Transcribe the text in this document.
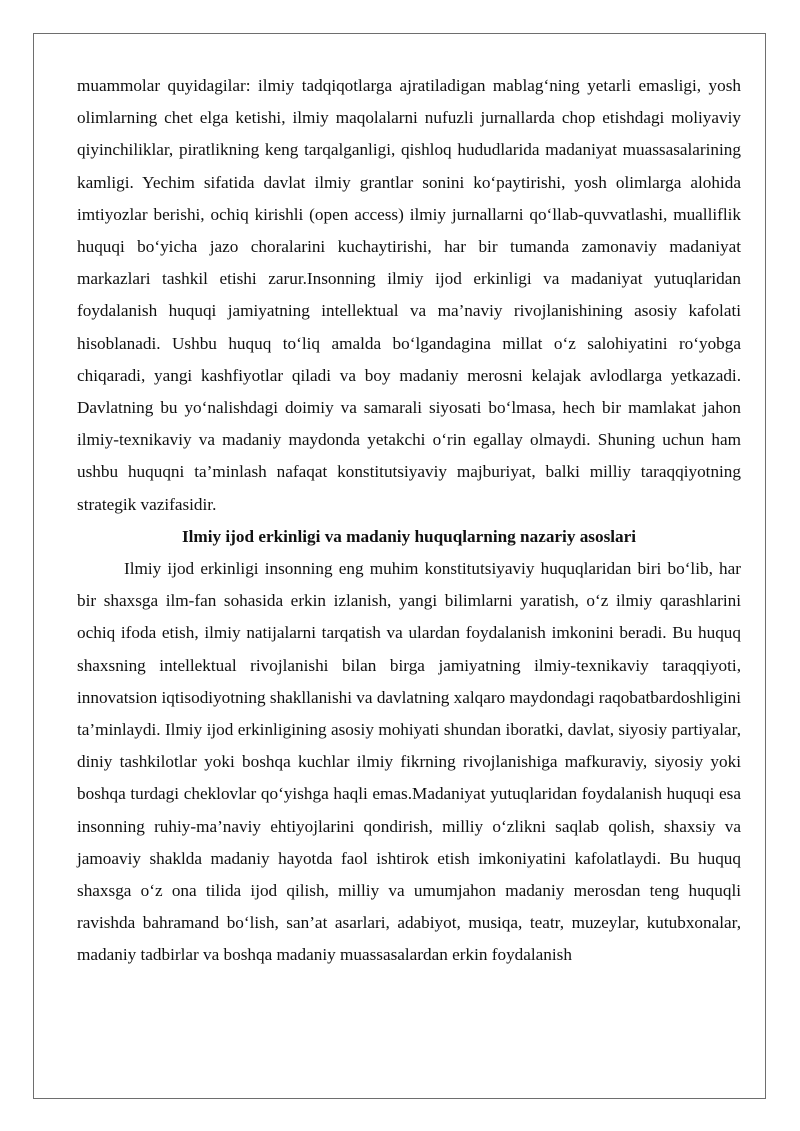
muammolar quyidagilar: ilmiy tadqiqotlarga ajratiladigan mablag‘ning yetarli emasligi, yosh olimlarning chet elga ketishi, ilmiy maqolalarni nufuzli jurnallarda chop etishdagi moliyaviy qiyinchiliklar, piratlikning keng tarqalganligi, qishloq hududlarida madaniyat muassasalarining kamligi. Yechim sifatida davlat ilmiy grantlar sonini ko‘paytirishi, yosh olimlarga alohida imtiyozlar berishi, ochiq kirishli (open access) ilmiy jurnallarni qo‘llab-quvvatlashi, mualliflik huquqi bo‘yicha jazo choralarini kuchaytirishi, har bir tumanda zamonaviy madaniyat markazlari tashkil etishi zarur.Insonning ilmiy ijod erkinligi va madaniyat yutuqlaridan foydalanish huquqi jamiyatning intellektual va ma’naviy rivojlanishining asosiy kafolati hisoblanadi. Ushbu huquq to‘liq amalda bo‘lgandagina millat o‘z salohiyatini ro‘yobga chiqaradi, yangi kashfiyotlar qiladi va boy madaniy merosni kelajak avlodlarga yetkazadi. Davlatning bu yo‘nalishdagi doimiy va samarali siyosati bo‘lmasa, hech bir mamlakat jahon ilmiy-texnikaviy va madaniy maydonda yetakchi o‘rin egallay olmaydi. Shuning uchun ham ushbu huquqni ta’minlash nafaqat konstitutsiyaviy majburiyat, balki milliy taraqqiyotning strategik vazifasidir.

Ilmiy ijod erkinligi va madaniy huquqlarning nazariy asoslari

Ilmiy ijod erkinligi insonning eng muhim konstitutsiyaviy huquqlaridan biri bo‘lib, har bir shaxsga ilm-fan sohasida erkin izlanish, yangi bilimlarni yaratish, o‘z ilmiy qarashlarini ochiq ifoda etish, ilmiy natijalarni tarqatish va ulardan foydalanish imkonini beradi. Bu huquq shaxsning intellektual rivojlanishi bilan birga jamiyatning ilmiy-texnikaviy taraqqiyoti, innovatsion iqtisodiyotning shakllanishi va davlatning xalqaro maydondagi raqobatbardoshligini ta’minlaydi. Ilmiy ijod erkinligining asosiy mohiyati shundan iboratki, davlat, siyosiy partiyalar, diniy tashkilotlar yoki boshqa kuchlar ilmiy fikrning rivojlanishiga mafkuraviy, siyosiy yoki boshqa turdagi cheklovlar qo‘yishga haqli emas.Madaniyat yutuqlaridan foydalanish huquqi esa insonning ruhiy-ma’naviy ehtiyojlarini qondirish, milliy o‘zlikni saqlab qolish, shaxsiy va jamoaviy shaklda madaniy hayotda faol ishtirok etish imkoniyatini kafolatlaydi. Bu huquq shaxsga o‘z ona tilida ijod qilish, milliy va umumjahon madaniy merosdan teng huquqli ravishda bahramand bo‘lish, san’at asarlari, adabiyot, musiqa, teatr, muzeylar, kutubxonalar, madaniy tadbirlar va boshqa madaniy muassasalardan erkin foydalanish
